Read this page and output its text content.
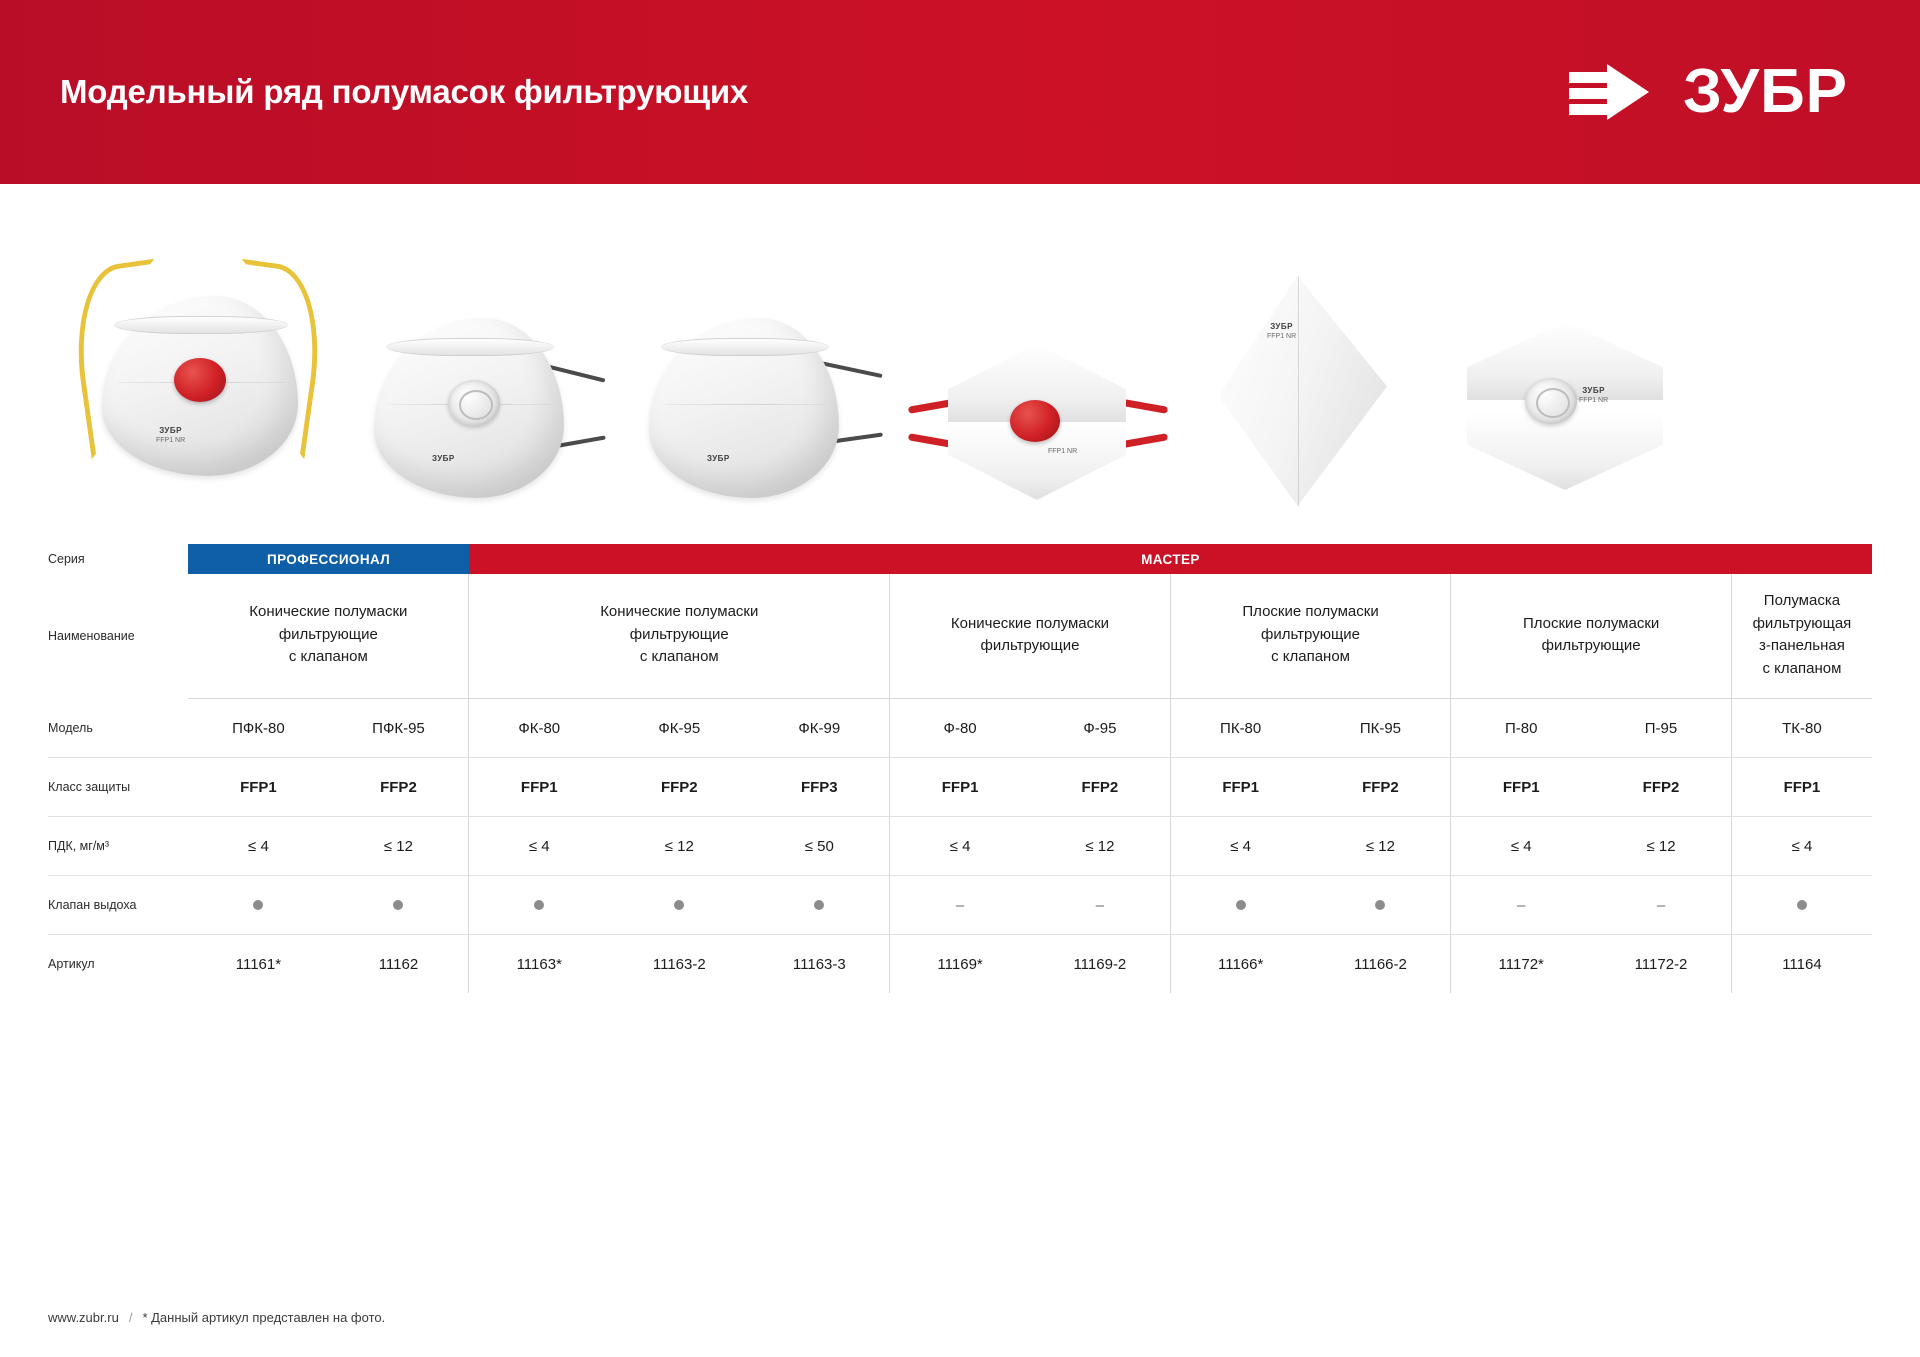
Модельный ряд полумасок фильтрующих	ЗУБР
ЗУБР
FFP1 NR
ЗУБР	ЗУБР
FFP1 NR
ЗУБР
FFP1 NR
ЗУБР
FFP1 NR
Серия	ПРОФЕССИОНАЛ		МАСТЕР									
Наименование	Конические полумаски
фильтрующие
с клапаном		Конические полумаски
фильтрующие
с клапаном			Конические полумаски
фильтрующие		Плоские полумаски
фильтрующие
с клапаном		Плоские полумаски
фильтрующие		Полумаска фильтрующая
з-панельная
с клапаном
Модель	ПФК-80	ПФК-95	ФК-80	ФК-95	ФК-99	Ф-80	Ф-95	ПК-80	ПК-95	П-80	П-95	ТК-80
Класс защиты	FFP1	FFP2	FFP1	FFP2	FFP3	FFP1	FFP2	FFP1	FFP2	FFP1	FFP2	FFP1
ПДК, мг/м³	≤ 4	≤ 12	≤ 4	≤ 12	≤ 50	≤ 4	≤ 12	≤ 4	≤ 12	≤ 4	≤ 12	≤ 4
Клапан выдоха						–	–			–	–	
Артикул	11161*	11162	11163*	11163-2	11163-3	11169*	11169-2	11166*	11166-2	11172*	11172-2	11164
www.zubr.ru / * Данный артикул представлен на фото.
